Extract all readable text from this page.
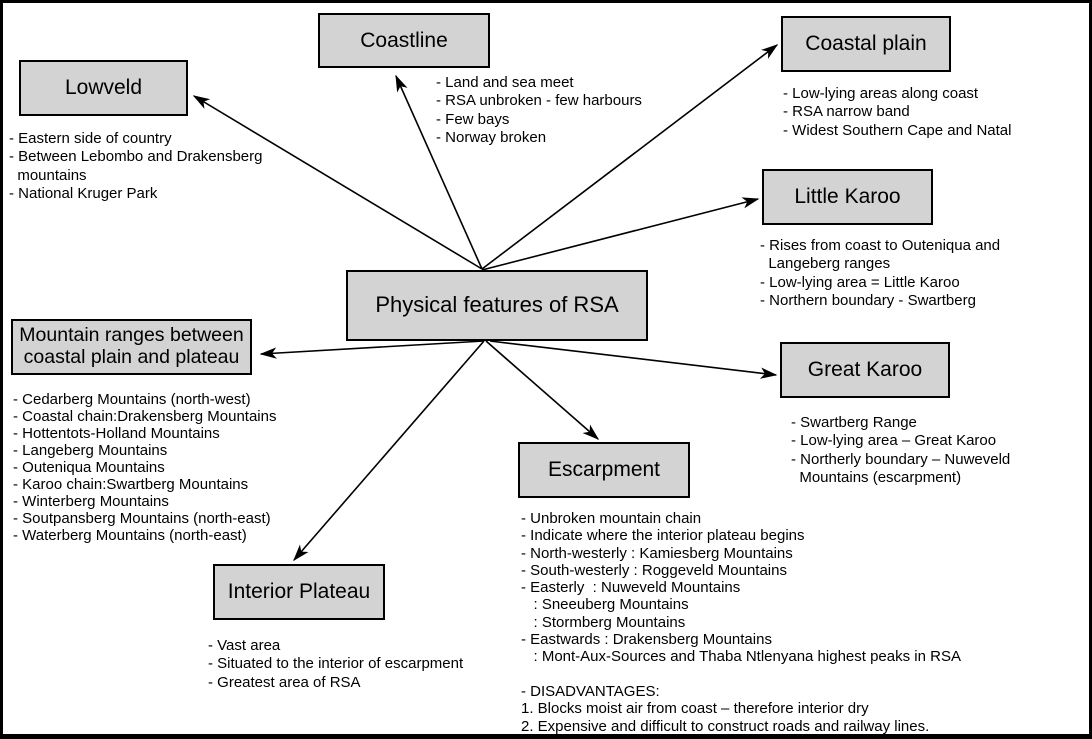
Physical features of RSA
Lowveld
- Eastern side of country
- Between Lebombo and Drakensberg
mountains
- National Kruger Park
Coastline
- Land and sea meet
- RSA unbroken - few harbours
- Few bays
- Norway broken
Coastal plain
- Low-lying areas along coast
- RSA narrow band
- Widest Southern Cape and Natal
Little Karoo
- Rises from coast to Outeniqua and
Langeberg ranges
- Low-lying area = Little Karoo
- Northern boundary - Swartberg
Great Karoo
- Swartberg Range
- Low-lying area – Great Karoo
- Northerly boundary – Nuweveld
Mountains (escarpment)
Mountain ranges between coastal plain and plateau
- Cedarberg Mountains (north-west)
- Coastal chain:Drakensberg Mountains
- Hottentots-Holland Mountains
- Langeberg Mountains
- Outeniqua Mountains
- Karoo chain:Swartberg Mountains
- Winterberg Mountains
- Soutpansberg Mountains (north-east)
- Waterberg Mountains (north-east)
Escarpment
- Unbroken mountain chain
- Indicate where the interior plateau begins
- North-westerly : Kamiesberg Mountains
- South-westerly : Roggeveld Mountains
- Easterly  : Nuweveld Mountains
: Sneeuberg Mountains
: Stormberg Mountains
- Eastwards : Drakensberg Mountains
: Mont-Aux-Sources and Thaba Ntlenyana highest peaks in RSA

- DISADVANTAGES:
1. Blocks moist air from coast – therefore interior dry
2. Expensive and difficult to construct roads and railway lines.
Interior Plateau
- Vast area
- Situated to the interior of escarpment
- Greatest area of RSA
